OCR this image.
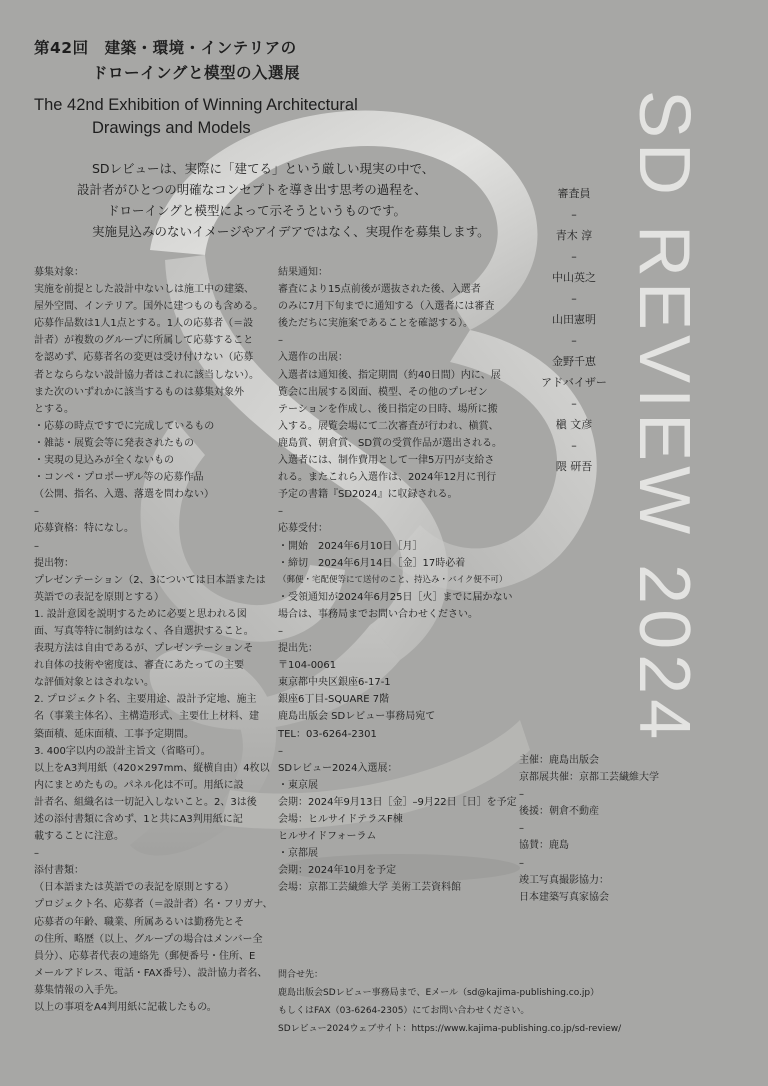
第42回　建築・環境・インテリアの
ドローイングと模型の入選展
The 42nd Exhibition of Winning Architectural
Drawings and Models	SD REVIEW 2024
SDレビューは、実際に「建てる」という厳しい現実の中で、
設計者がひとつの明確なコンセプトを導き出す思考の過程を、
ドローイングと模型によって示そうというものです。
実施見込みのないイメージやアイデアではなく、実現作を募集します。
審査員
–
青木 淳
–
中山英之
–
山田憲明
–
金野千恵
アドバイザー
–
槇 文彦
–
隈 研吾
募集対象：
実施を前提とした設計中ないしは施工中の建築、
屋外空間、インテリア。国外に建つものも含める。
応募作品数は1人1点とする。1人の応募者（＝設
計者）が複数のグループに所属して応募すること
を認めず、応募者名の変更は受け付けない（応募
者となららない設計協力者はこれに該当しない）。
また次のいずれかに該当するものは募集対象外
とする。
・応募の時点ですでに完成しているもの
・雑誌・展覧会等に発表されたもの
・実現の見込みが全くないもの
・コンペ・プロポーザル等の応募作品
（公開、指名、入選、落選を問わない）
–
応募資格：特になし。
–
提出物：
プレゼンテーション（2、3については日本語または
英語での表記を原則とする）
1. 設計意図を説明するために必要と思われる図
面、写真等特に制約はなく、各自選択すること。
表現方法は自由であるが、プレゼンテーションそ
れ自体の技術や密度は、審査にあたっての主要
な評価対象とはされない。
2. プロジェクト名、主要用途、設計予定地、施主
名（事業主体名）、主構造形式、主要仕上材料、建
築面積、延床面積、工事予定期間。
3. 400字以内の設計主旨文（省略可）。
以上をA3判用紙（420×297mm、縦横自由）4枚以
内にまとめたもの。パネル化は不可。用紙に設
計者名、組織名は一切記入しないこと。2、3は後
述の添付書類に含めず、1と共にA3判用紙に記
載することに注意。
–
添付書類：
（日本語または英語での表記を原則とする）
プロジェクト名、応募者（＝設計者）名・フリガナ、
応募者の年齢、職業、所属あるいは勤務先とそ
の住所、略歴（以上、グループの場合はメンバー全
員分）、応募者代表の連絡先（郵便番号・住所、E
メールアドレス、電話・FAX番号）、設計協力者名、
募集情報の入手先。
以上の事項をA4判用紙に記載したもの。
結果通知：
審査により15点前後が選抜された後、入選者
のみに7月下旬までに通知する（入選者には審査
後ただちに実施案であることを確認する）。
–
入選作の出展：
入選者は通知後、指定期間（約40日間）内に、展
覧会に出展する図面、模型、その他のプレゼン
テーションを作成し、後日指定の日時、場所に搬
入する。展覧会場にて二次審査が行われ、槇賞、
鹿島賞、朝倉賞、SD賞の受賞作品が選出される。
入選者には、制作費用として一律5万円が支給さ
れる。またこれら入選作は、2024年12月に刊行
予定の書籍『SD2024』に収録される。
–
応募受付：
・開始　2024年6月10日［月］
・締切　2024年6月14日［金］17時必着
（郵便・宅配便等にて送付のこと、持込み・バイク便不可）
・受領通知が2024年6月25日［火］までに届かない
場合は、事務局までお問い合わせください。
–
提出先：
〒104-0061
東京都中央区銀座6-17-1
銀座6丁目-SQUARE 7階
鹿島出版会 SDレビュー事務局宛て
TEL：03-6264-2301
–
SDレビュー2024入選展：
・東京展
会期：2024年9月13日［金］–9月22日［日］を予定
会場：ヒルサイドテラスF棟
ヒルサイドフォーラム
・京都展
会期：2024年10月を予定
会場：京都工芸繊維大学 美術工芸資料館
主催：鹿島出版会
京都展共催：京都工芸繊維大学
–
後援：朝倉不動産
–
協賛：鹿島
–
竣工写真撮影協力：
日本建築写真家協会
問合せ先：
鹿島出版会SDレビュー事務局まで、Eメール（sd@kajima-publishing.co.jp）
もしくはFAX（03-6264-2305）にてお問い合わせください。
SDレビュー2024ウェブサイト：https://www.kajima-publishing.co.jp/sd-review/
